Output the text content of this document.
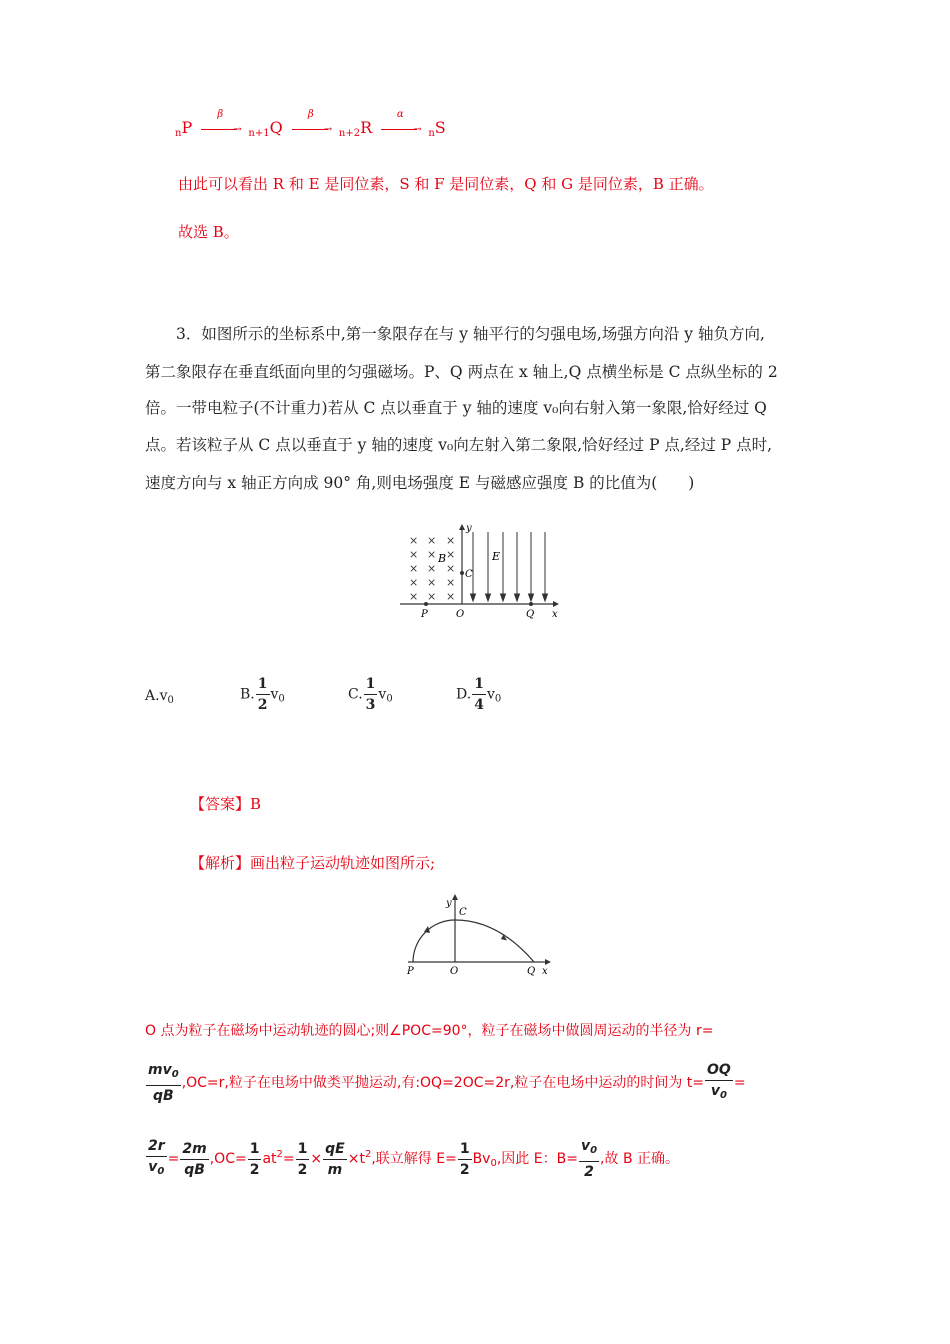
$_n$P
β
→ $_{n+1}$Q
β
→ $_{n+2}$R
α
→ $_n$S
由此可以看出 R 和 E 是同位素，S 和 F 是同位素，Q 和 G 是同位素，B 正确。
故选 B。
3．如图所示的坐标系中,第一象限存在与 y 轴平行的匀强电场,场强方向沿 y 轴负方向,
第二象限存在垂直纸面向里的匀强磁场。P、Q 两点在 x 轴上,Q 点横坐标是 C 点纵坐标的 2
倍。一带电粒子(不计重力)若从 C 点以垂直于 y 轴的速度 v₀向右射入第一象限,恰好经过 Q
点。若该粒子从 C 点以垂直于 y 轴的速度 v₀向左射入第二象限,恰好经过 P 点,经过 P 点时,
速度方向与 x 轴正方向成 90° 角,则电场强度 E 与磁感应强度 B 的比值为(　　)
y
x
× × ×
× × ×
× × ×
× × ×
× × ×
B	E
C
P	O	Q
$A.v_0$	B. $\frac{1}{2} v_0$	C. $\frac{1}{3} v_0$	D. $\frac{1}{4} v_0$
【答案】B
【解析】画出粒子运动轨迹如图所示;
y
x
C
P	O	Q
O 点为粒子在磁场中运动轨迹的圆心;则∠POC=90°，粒子在磁场中做圆周运动的半径为 r=
$\frac{mv_0}{qB} ,OC=r$,粒子在电场中做类平抛运动,有:OQ=2OC=2r,粒子在电场中运动的时间为 $t= \frac{OQ}{v_0}$ =
$\frac{2r}{v_0} = \frac{2m}{qB} ,OC= \frac{1}{2} at^2= \frac{1}{2} \times \frac{qE}{m} \times t^2$,联立解得 $E= \frac{1}{2} Bv_0$,因此 E：$B= \frac{v_0}{2}$ ,故 B 正确。
